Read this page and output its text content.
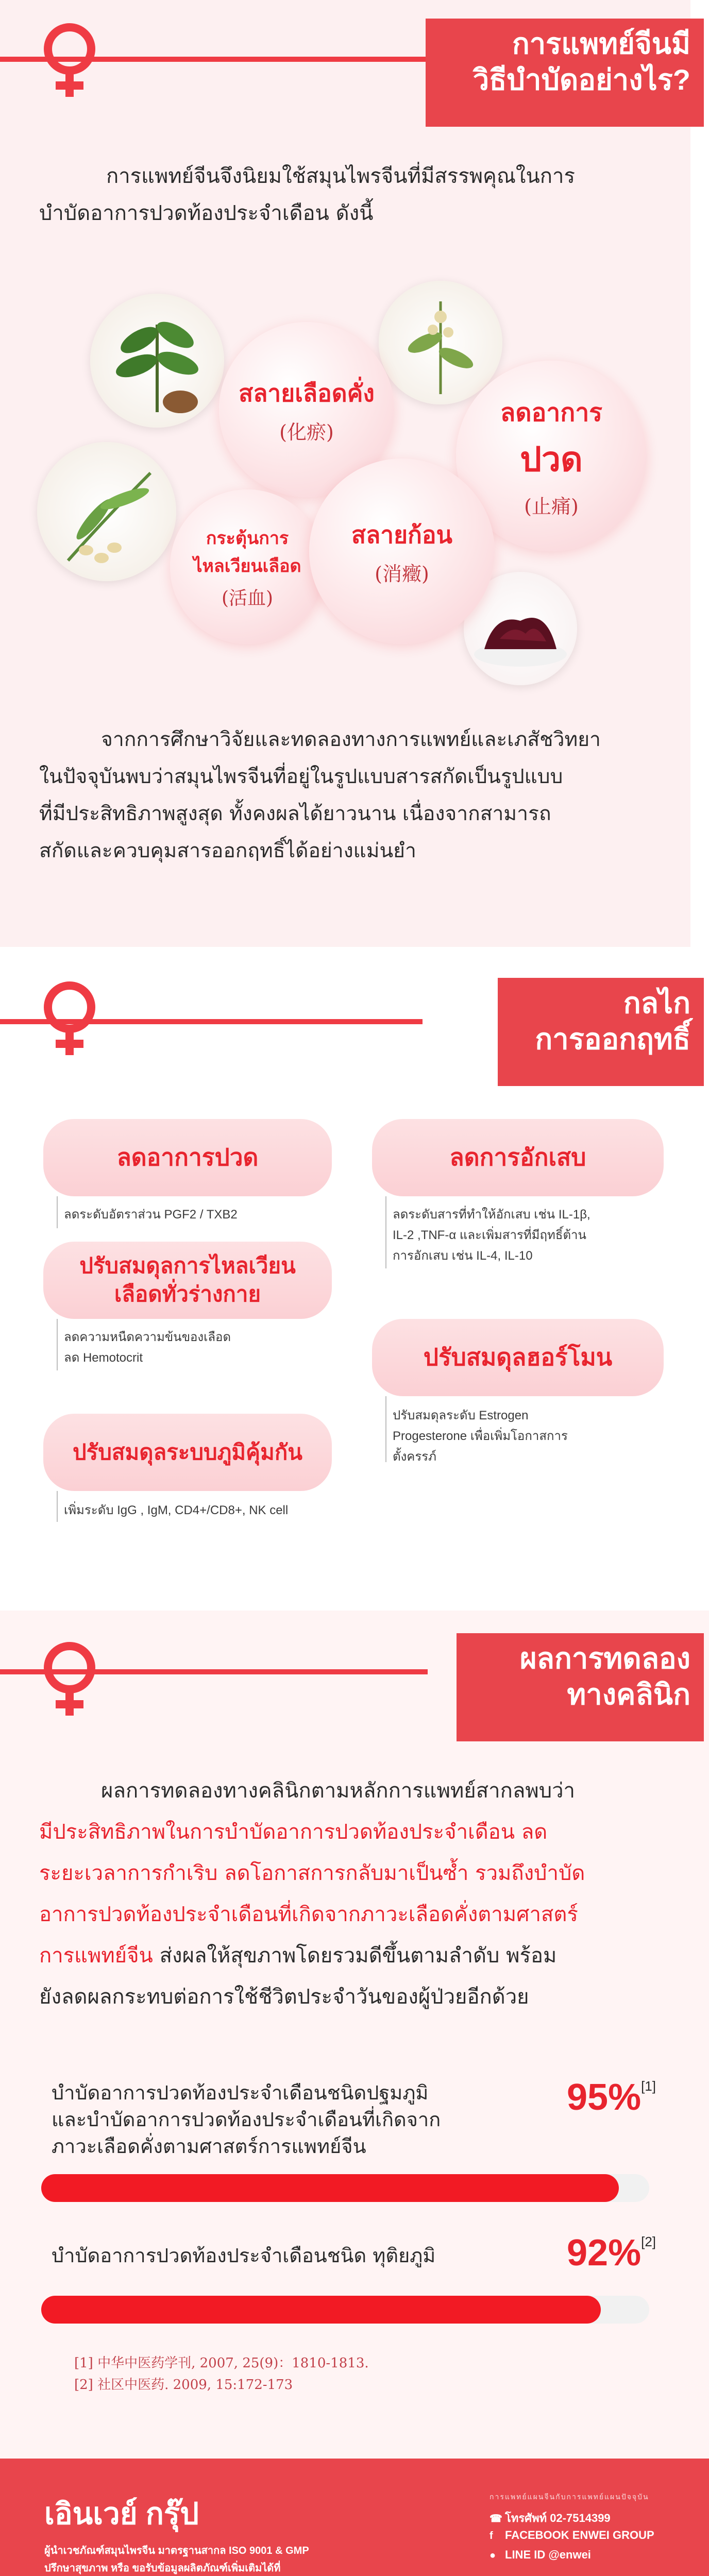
การแพทย์จีนมี
วิธีบำบัดอย่างไร?
การแพทย์จีนจึงนิยมใช้สมุนไพรจีนที่มีสรรพคุณในการ
บำบัดอาการปวดท้องประจำเดือน ดังนี้
สลายเลือดคั่ง
(化瘀)
ลดอาการ
ปวด
(止痛)
กระตุ้นการ
ไหลเวียนเลือด
(活血)
สลายก้อน
(消癥)
จากการศึกษาวิจัยและทดลองทางการแพทย์และเภสัชวิทยา
ในปัจจุบันพบว่าสมุนไพรจีนที่อยู่ในรูปแบบสารสกัดเป็นรูปแบบ
ที่มีประสิทธิภาพสูงสุด ทั้งคงผลได้ยาวนาน เนื่องจากสามารถ
สกัดและควบคุมสารออกฤทธิ์ได้อย่างแม่นยำ
กลไก
การออกฤทธิ์
ลดอาการปวด
ลดระดับอัตราส่วน PGF2 / TXB2
ลดการอักเสบ
ลดระดับสารที่ทำให้อักเสบ เช่น IL-1β,
IL-2 ,TNF-α และเพิ่มสารที่มีฤทธิ์ต้าน
การอักเสบ เช่น IL-4, IL-10
ปรับสมดุลการไหลเวียน
เลือดทั่วร่างกาย
ลดความหนืดความข้นของเลือด
ลด Hemotocrit	ปรับสมดุลฮอร์โมน
ปรับสมดุลระดับ Estrogen
Progesterone เพื่อเพิ่มโอกาสการ
ตั้งครรภ์
ปรับสมดุลระบบภูมิคุ้มกัน
เพิ่มระดับ IgG , IgM, CD4+/CD8+, NK cell
ผลการทดลอง
ทางคลินิก
ผลการทดลองทางคลินิกตามหลักการแพทย์สากลพบว่า
มีประสิทธิภาพในการบำบัดอาการปวดท้องประจำเดือน ลด
ระยะเวลาการกำเริบ ลดโอกาสการกลับมาเป็นซ้ำ รวมถึงบำบัด
อาการปวดท้องประจำเดือนที่เกิดจากภาวะเลือดคั่งตามศาสตร์
การแพทย์จีน ส่งผลให้สุขภาพโดยรวมดีขึ้นตามลำดับ พร้อม
ยังลดผลกระทบต่อการใช้ชีวิตประจำวันของผู้ป่วยอีกด้วย
บำบัดอาการปวดท้องประจำเดือนชนิดปฐมภูมิ
และบำบัดอาการปวดท้องประจำเดือนที่เกิดจาก
ภาวะเลือดคั่งตามศาสตร์การแพทย์จีน
95%[1]
บำบัดอาการปวดท้องประจำเดือนชนิด ทุติยภูมิ	92%[2]
[1] 中华中医药学刊, 2007, 25(9)：1810-1813.
[2] 社区中医药. 2009, 15:172-173
เอินเวย์ กรุ๊ป
ผู้นำเวชภัณฑ์สมุนไพรจีน มาตรฐานสากล ISO 9001 & GMP
ปรึกษาสุขภาพ หรือ ขอรับข้อมูลผลิตภัณฑ์เพิ่มเติมได้ที่
การแพทย์แผนจีนกับการแพทย์แผนปัจจุบัน
☎ โทรศัพท์ 02-7514399
f FACEBOOK ENWEI GROUP
● LINE ID @enwei
